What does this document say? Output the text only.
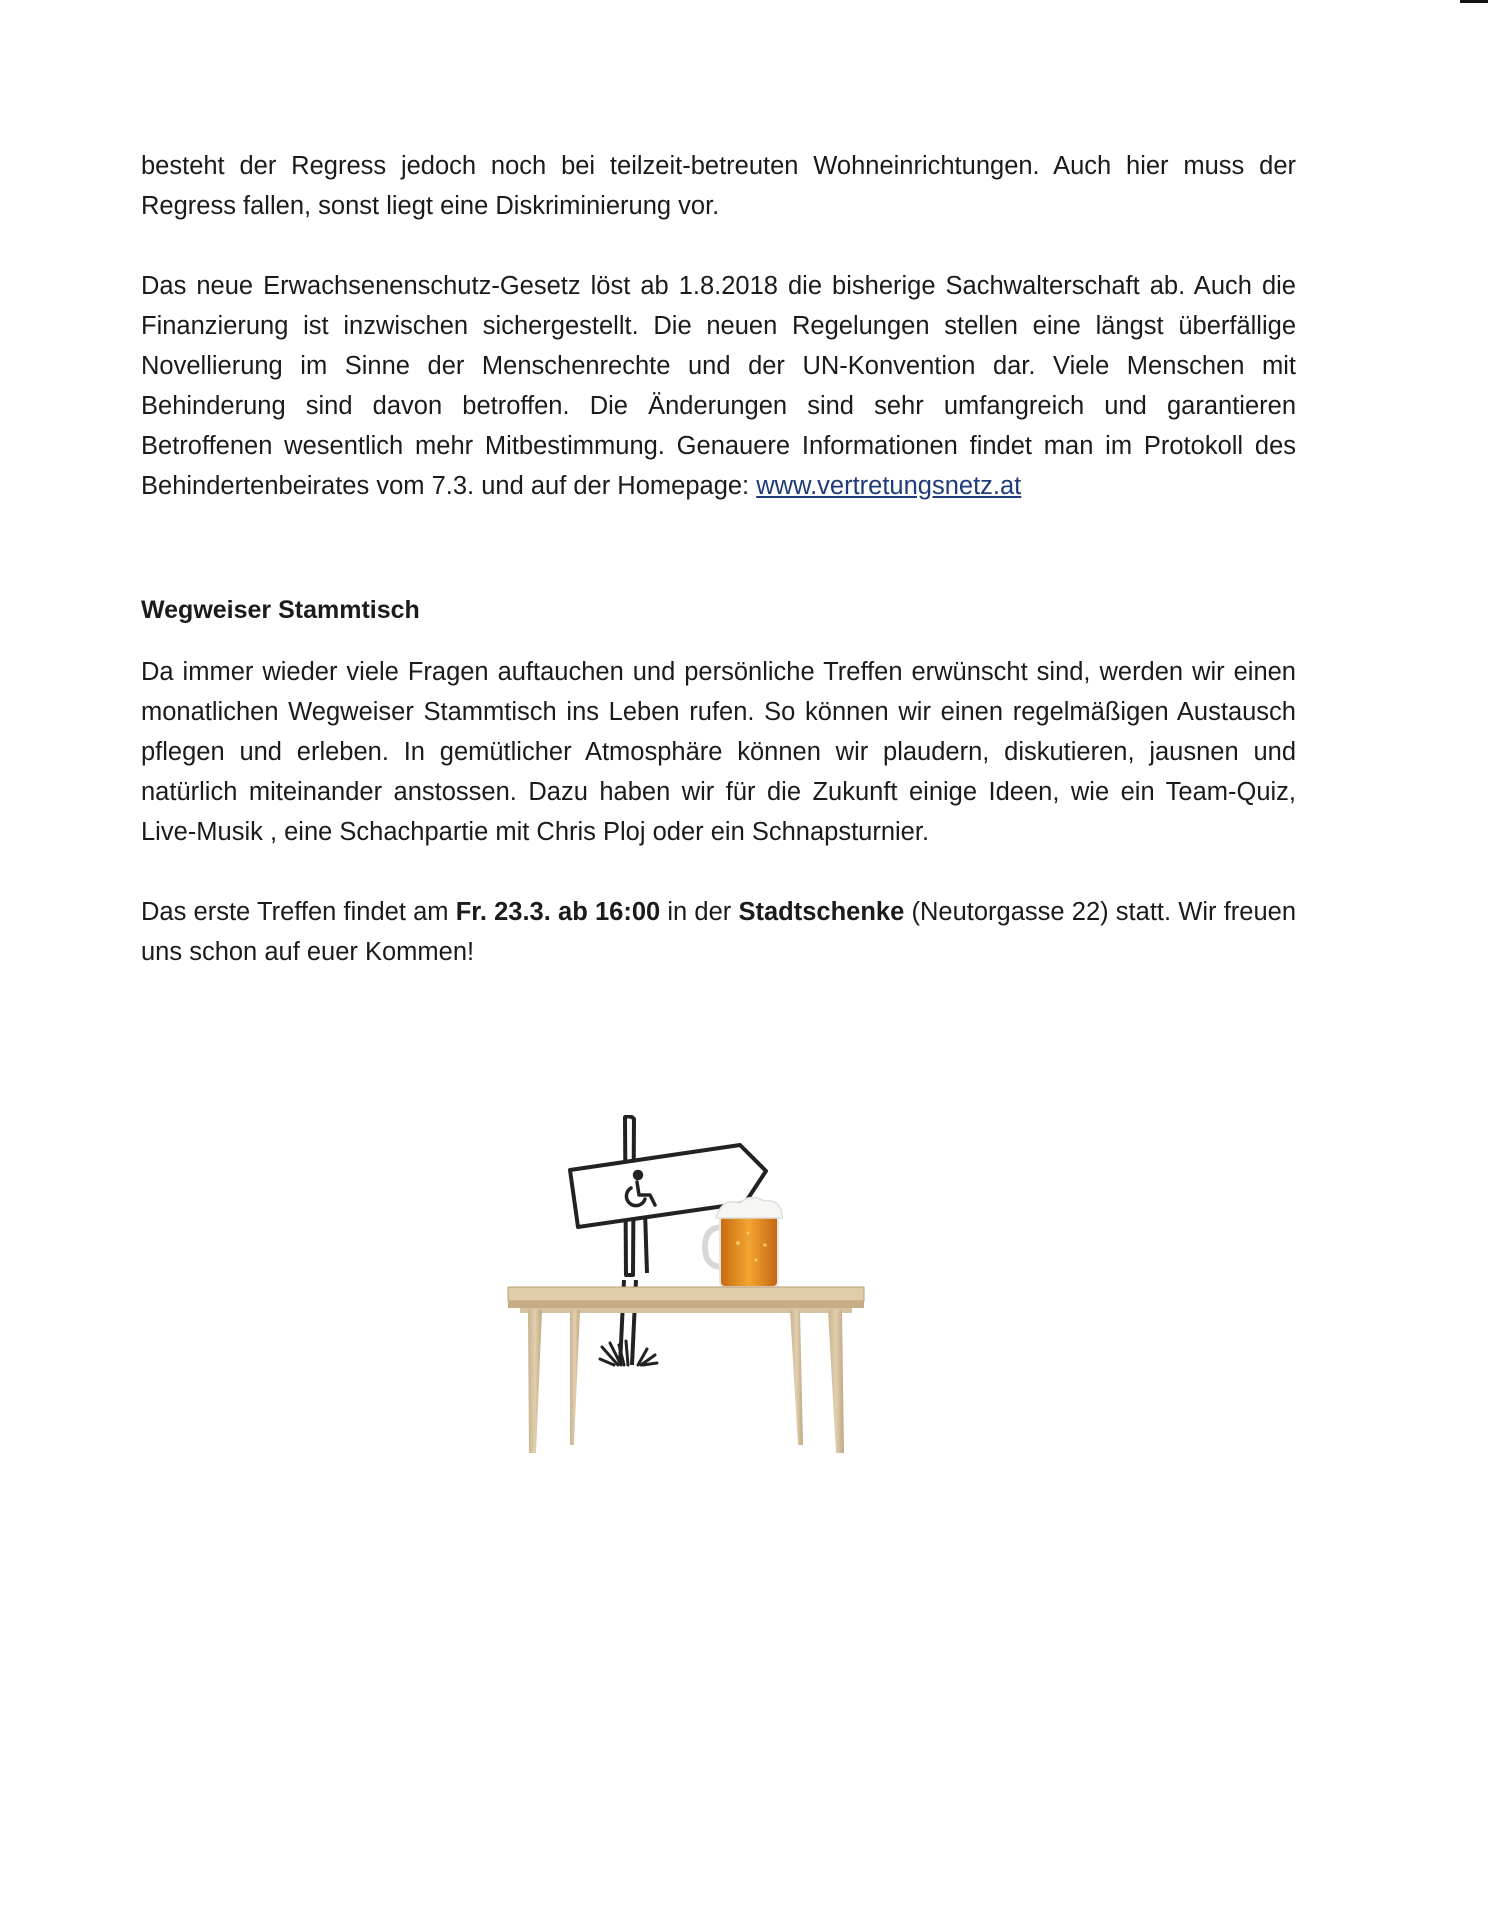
besteht der Regress jedoch noch bei teilzeit-betreuten Wohneinrichtungen. Auch hier muss der Regress fallen, sonst liegt eine Diskriminierung vor.

Das neue Erwachsenenschutz-Gesetz löst ab 1.8.2018 die bisherige Sachwalterschaft ab. Auch die Finanzierung ist inzwischen sichergestellt. Die neuen Regelungen stellen eine längst überfällige Novellierung im Sinne der Menschenrechte und der UN-Konvention dar. Viele Menschen mit Behinderung sind davon betroffen. Die Änderungen sind sehr umfangreich und garantieren Betroffenen wesentlich mehr Mitbestimmung. Genauere Informationen findet man im Protokoll des Behindertenbeirates vom 7.3. und auf der Homepage: www.vertretungsnetz.at

Wegweiser Stammtisch

Da immer wieder viele Fragen auftauchen und persönliche Treffen erwünscht sind, werden wir einen monatlichen Wegweiser Stammtisch ins Leben rufen. So können wir einen regelmäßigen Austausch pflegen und erleben. In gemütlicher Atmosphäre können wir plaudern, diskutieren, jausnen und natürlich miteinander anstossen. Dazu haben wir für die Zukunft einige Ideen, wie ein Team-Quiz, Live-Musik , eine Schachpartie mit Chris Ploj oder ein Schnapsturnier.

Das erste Treffen findet am Fr. 23.3. ab 16:00 in der Stadtschenke (Neutorgasse 22) statt. Wir freuen uns schon auf euer Kommen!
